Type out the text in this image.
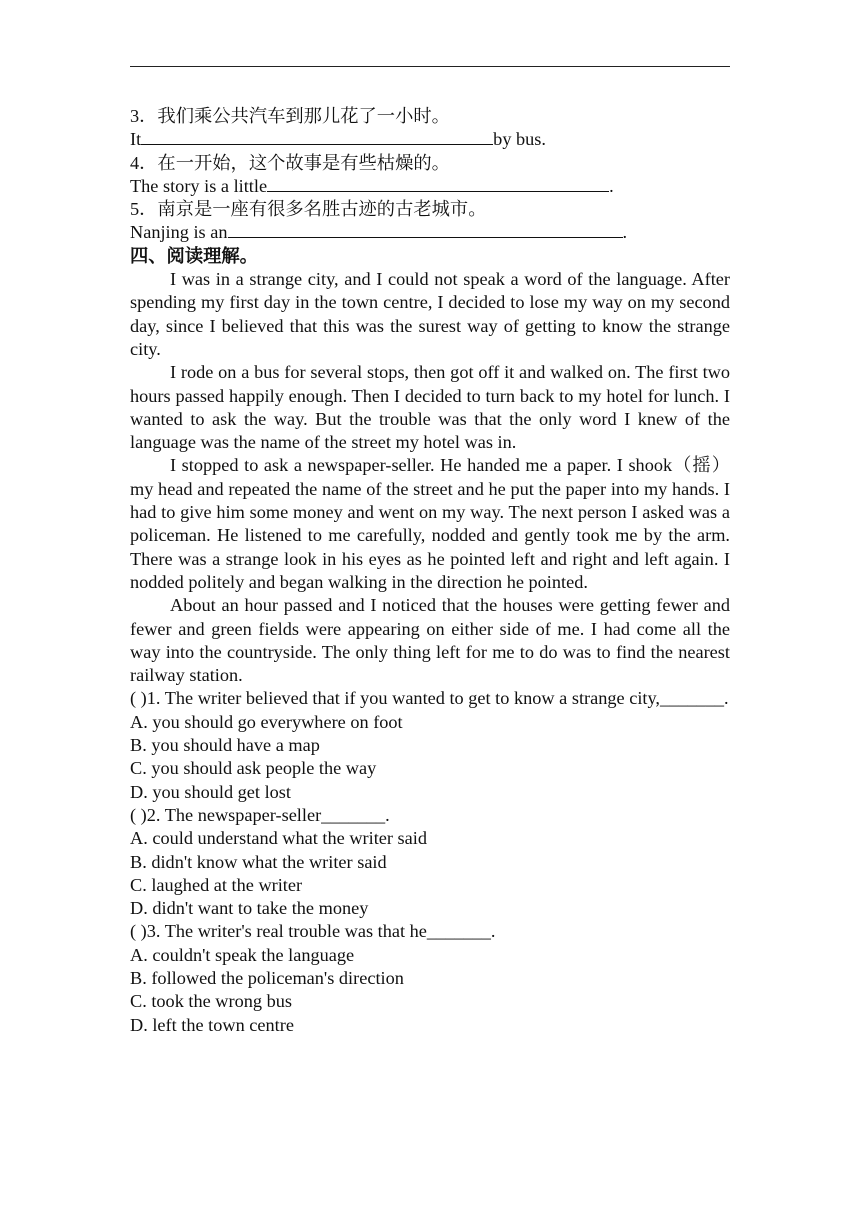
3．我们乘公共汽车到那儿花了一小时。
It	by bus.
4．在一开始，这个故事是有些枯燥的。
The story is a little	.
5．南京是一座有很多名胜古迹的古老城市。
Nanjing is an	.
四、阅读理解。

I was in a strange city, and I could not speak a word of the language. After spending my first day in the town centre, I decided to lose my way on my second day, since I believed that this was the surest way of getting to know the strange city.

I rode on a bus for several stops, then got off it and walked on. The first two hours passed happily enough. Then I decided to turn back to my hotel for lunch. I wanted to ask the way. But the trouble was that the only word I knew of the language was the name of the street my hotel was in.

I stopped to ask a newspaper-seller. He handed me a paper. I shook（摇） my head and repeated the name of the street and he put the paper into my hands. I had to give him some money and went on my way. The next person I asked was a policeman. He listened to me carefully, nodded and gently took me by the arm. There was a strange look in his eyes as he pointed left and right and left again. I nodded politely and began walking in the direction he pointed.

About an hour passed and I noticed that the houses were getting fewer and fewer and green fields were appearing on either side of me. I had come all the way into the countryside. The only thing left for me to do was to find the nearest railway station.

( )1. The writer believed that if you wanted to get to know a strange city,_______.
A. you should go everywhere on foot
B. you should have a map
C. you should ask people the way
D. you should get lost
( )2. The newspaper-seller_______.
A. could understand what the writer said
B. didn't know what the writer said
C. laughed at the writer
D. didn't want to take the money
( )3. The writer's real trouble was that he_______.
A. couldn't speak the language
B. followed the policeman's direction
C. took the wrong bus
D. left the town centre
